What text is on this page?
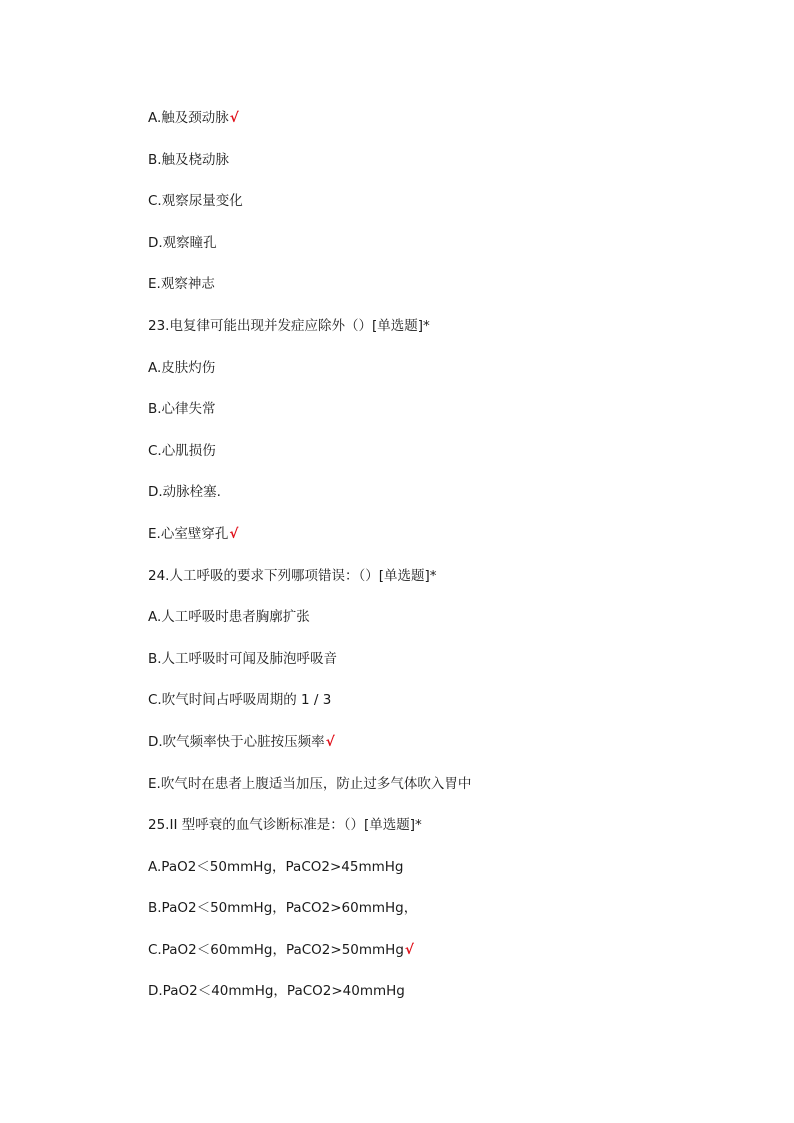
A.触及颈动脉√
B.触及桡动脉
C.观察尿量变化
D.观察瞳孔
E.观察神志
23.电复律可能出现并发症应除外（）[单选题]*
A.皮肤灼伤
B.心律失常
C.心肌损伤
D.动脉栓塞.
E.心室壁穿孔√
24.人工呼吸的要求下列哪项错误：（）[单选题]*
A.人工呼吸时患者胸廓扩张
B.人工呼吸时可闻及肺泡呼吸音
C.吹气时间占呼吸周期的 1 / 3
D.吹气频率快于心脏按压频率√
E.吹气时在患者上腹适当加压，防止过多气体吹入胃中
25.II 型呼衰的血气诊断标准是：（）[单选题]*
A.PaO2＜50mmHg，PaCO2>45mmHg
B.PaO2＜50mmHg，PaCO2>60mmHg，
C.PaO2＜60mmHg，PaCO2>50mmHg√
D.PaO2＜40mmHg，PaCO2>40mmHg
